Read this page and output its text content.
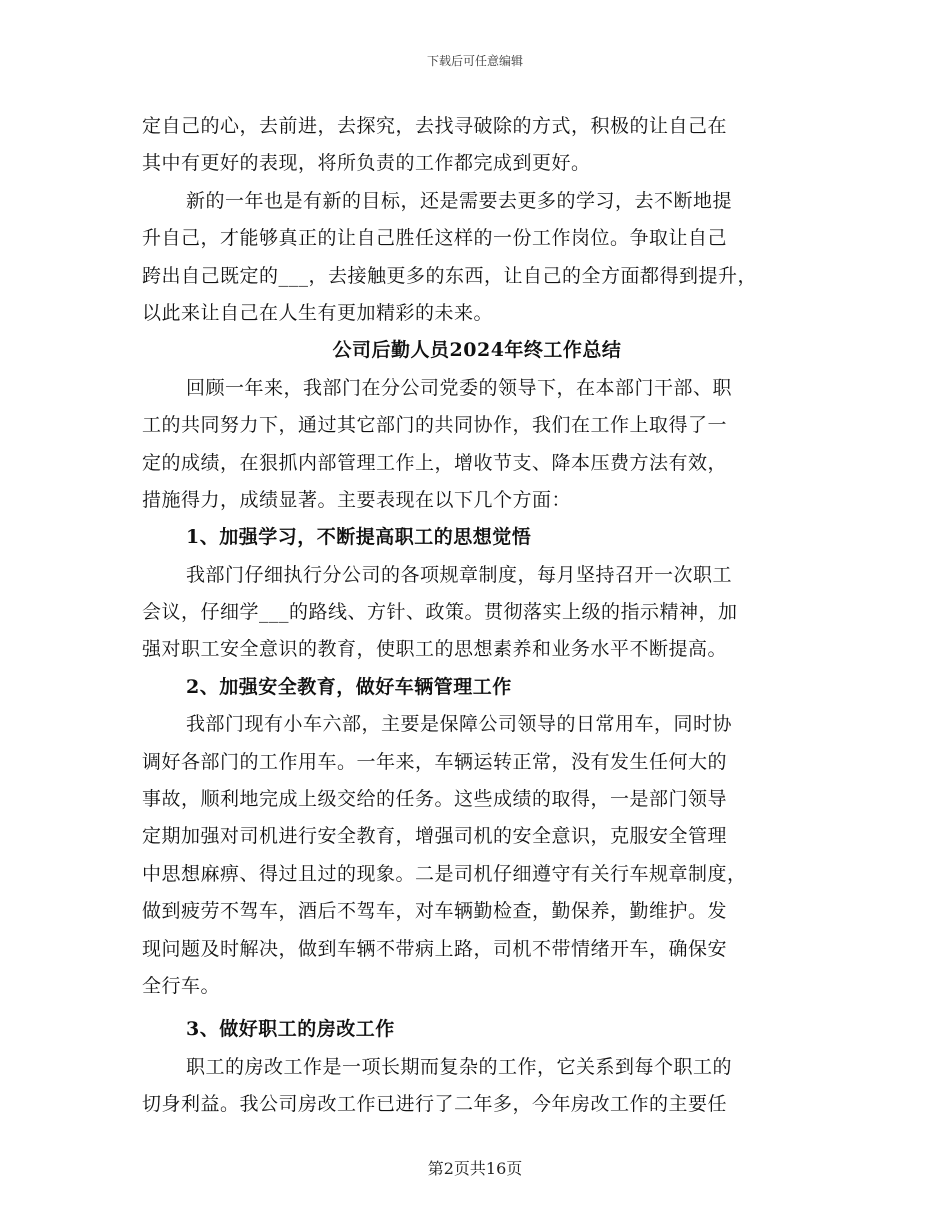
下载后可任意编辑
定自己的心，去前进，去探究，去找寻破除的方式，积极的让自己在
其中有更好的表现，将所负责的工作都完成到更好。
新的一年也是有新的目标，还是需要去更多的学习，去不断地提
升自己，才能够真正的让自己胜任这样的一份工作岗位。争取让自己
跨出自己既定的___，去接触更多的东西，让自己的全方面都得到提升，
以此来让自己在人生有更加精彩的未来。
公司后勤人员2024年终工作总结
回顾一年来，我部门在分公司党委的领导下，在本部门干部、职
工的共同努力下，通过其它部门的共同协作，我们在工作上取得了一
定的成绩，在狠抓内部管理工作上，增收节支、降本压费方法有效，
措施得力，成绩显著。主要表现在以下几个方面：
1、加强学习，不断提高职工的思想觉悟
我部门仔细执行分公司的各项规章制度，每月坚持召开一次职工
会议，仔细学___的路线、方针、政策。贯彻落实上级的指示精神，加
强对职工安全意识的教育，使职工的思想素养和业务水平不断提高。
2、加强安全教育，做好车辆管理工作
我部门现有小车六部，主要是保障公司领导的日常用车，同时协
调好各部门的工作用车。一年来，车辆运转正常，没有发生任何大的
事故，顺利地完成上级交给的任务。这些成绩的取得，一是部门领导
定期加强对司机进行安全教育，增强司机的安全意识，克服安全管理
中思想麻痹、得过且过的现象。二是司机仔细遵守有关行车规章制度，
做到疲劳不驾车，酒后不驾车，对车辆勤检查，勤保养，勤维护。发
现问题及时解决，做到车辆不带病上路，司机不带情绪开车，确保安
全行车。
3、做好职工的房改工作
职工的房改工作是一项长期而复杂的工作，它关系到每个职工的
切身利益。我公司房改工作已进行了二年多，今年房改工作的主要任
第2页共16页
